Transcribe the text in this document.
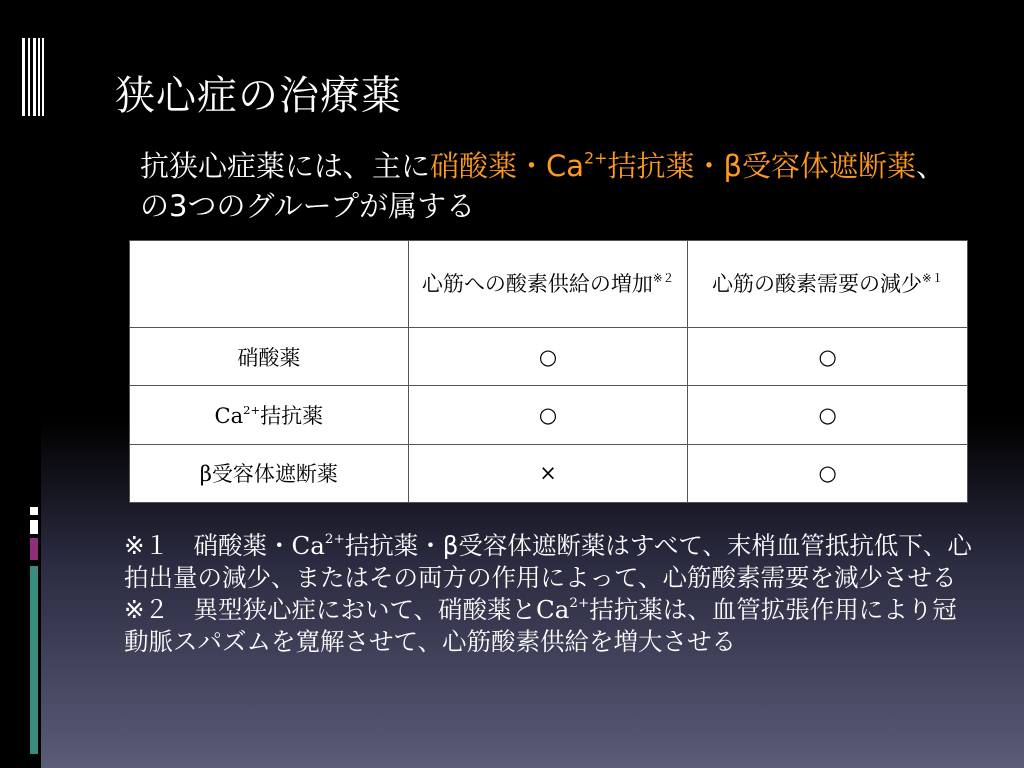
狭心症の治療薬
抗狭心症薬には、主に硝酸薬・$Ca^{2+}$拮抗薬・β受容体遮断薬、の3つのグループが属する
	心筋への酸素供給の増加$^{※2}$	心筋の酸素需要の減少$^{※1}$
硝酸薬	○	○
$Ca^{2+}$拮抗薬	○	○
β受容体遮断薬	×	○

※１　硝酸薬・$Ca^{2+}$拮抗薬・β受容体遮断薬はすべて、末梢血管抵抗低下、心拍出量の減少、またはその両方の作用によって、心筋酸素需要を減少させる

※２　異型狭心症において、硝酸薬と$Ca^{2+}$拮抗薬は、血管拡張作用により冠動脈スパズムを寛解させて、心筋酸素供給を増大させる
